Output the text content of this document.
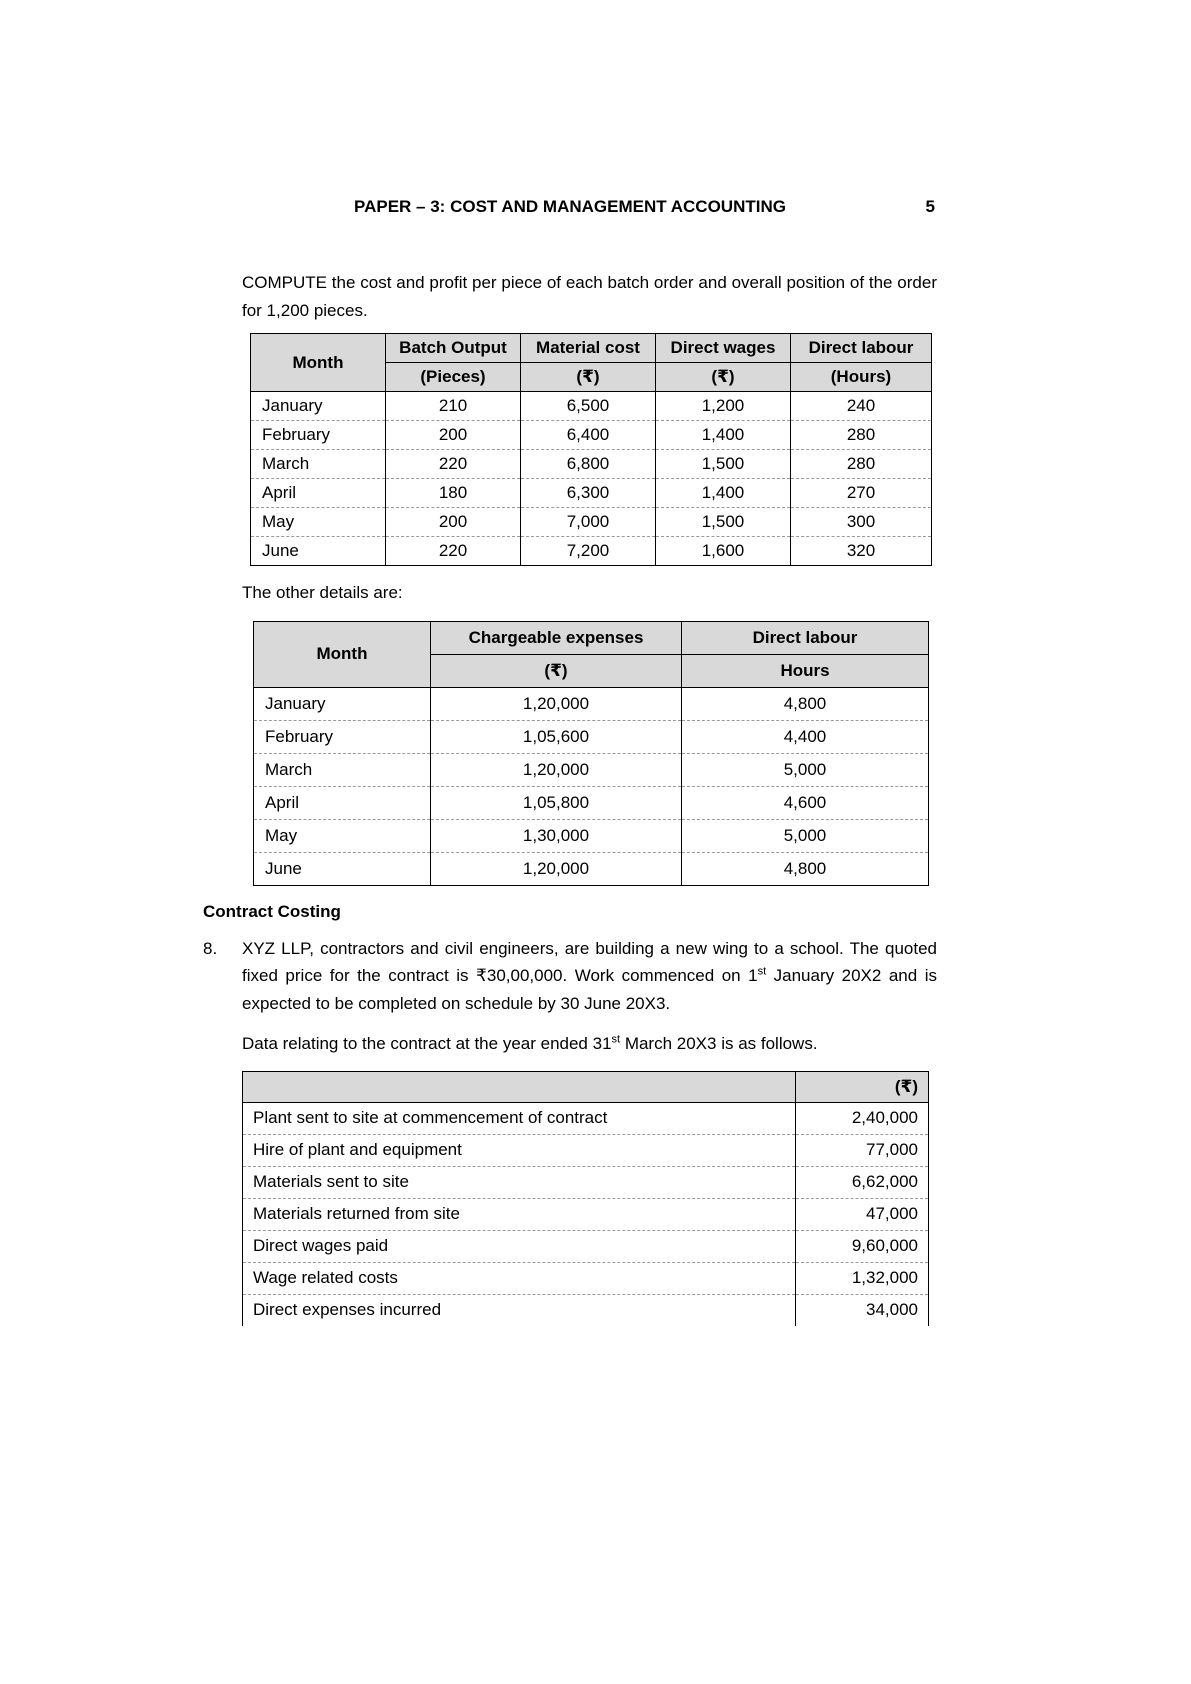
PAPER – 3: COST AND MANAGEMENT ACCOUNTING	5

COMPUTE the cost and profit per piece of each batch order and overall position of the order for 1,200 pieces.

Month	Batch Output	Material cost	Direct wages	Direct labour
	(Pieces)	(₹)	(₹)	(Hours)
January	210	6,500	1,200	240
February	200	6,400	1,400	280
March	220	6,800	1,500	280
April	180	6,300	1,400	270
May	200	7,000	1,500	300
June	220	7,200	1,600	320

The other details are:

Month	Chargeable expenses	Direct labour
	(₹)	Hours
January	1,20,000	4,800
February	1,05,600	4,400
March	1,20,000	5,000
April	1,05,800	4,600
May	1,30,000	5,000
June	1,20,000	4,800
Contract Costing
8.	XYZ LLP, contractors and civil engineers, are building a new wing to a school. The quoted fixed price for the contract is ₹30,00,000. Work commenced on 1st January 20X2 and is expected to be completed on schedule by 30 June 20X3.

Data relating to the contract at the year ended 31st March 20X3 is as follows.

	(₹)
Plant sent to site at commencement of contract	2,40,000
Hire of plant and equipment	77,000
Materials sent to site	6,62,000
Materials returned from site	47,000
Direct wages paid	9,60,000
Wage related costs	1,32,000
Direct expenses incurred	34,000
